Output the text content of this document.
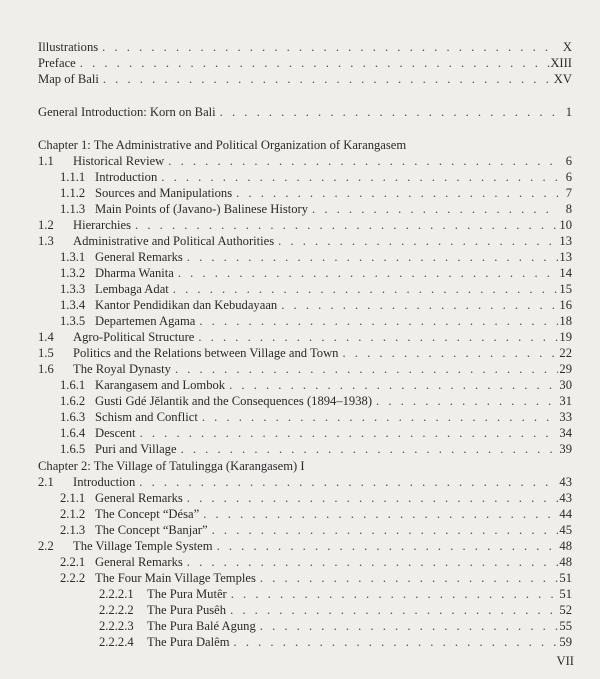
Illustrations . . .	X
Preface . . .	XIII
Map of Bali . . .	XV
General Introduction: Korn on Bali . . .	1
Chapter 1: The Administrative and Political Organization of Karangasem
1.1 Historical Review . . .	6
1.1.1 Introduction . . .	6
1.1.2 Sources and Manipulations . . .	7
1.1.3 Main Points of (Javano-) Balinese History . . .	8
1.2 Hierarchies . . .	10
1.3 Administrative and Political Authorities . . .	13
1.3.1 General Remarks . . .	13
1.3.2 Dharma Wanita . . .	14
1.3.3 Lembaga Adat . . .	15
1.3.4 Kantor Pendidikan dan Kebudayaan . . .	16
1.3.5 Departemen Agama . . .	18
1.4 Agro-Political Structure . . .	19
1.5 Politics and the Relations between Village and Town . . .	22
1.6 The Royal Dynasty . . .	29
1.6.1 Karangasem and Lombok . . .	30
1.6.2 Gusti Gdé Jělantik and the Consequences (1894–1938) . . .	31
1.6.3 Schism and Conflict . . .	33
1.6.4 Descent . . .	34
1.6.5 Puri and Village . . .	39
Chapter 2: The Village of Tatulingga (Karangasem) I
2.1 Introduction . . .	43
2.1.1 General Remarks . . .	43
2.1.2 The Concept “Désa” . . .	44
2.1.3 The Concept “Banjar” . . .	45
2.2 The Village Temple System . . .	48
2.2.1 General Remarks . . .	48
2.2.2 The Four Main Village Temples . . .	51
2.2.2.1 The Pura Mutêr . . .	51
2.2.2.2 The Pura Pusêh . . .	52
2.2.2.3 The Pura Balé Agung . . .	55
2.2.2.4 The Pura Dalêm . . .	59
VII
